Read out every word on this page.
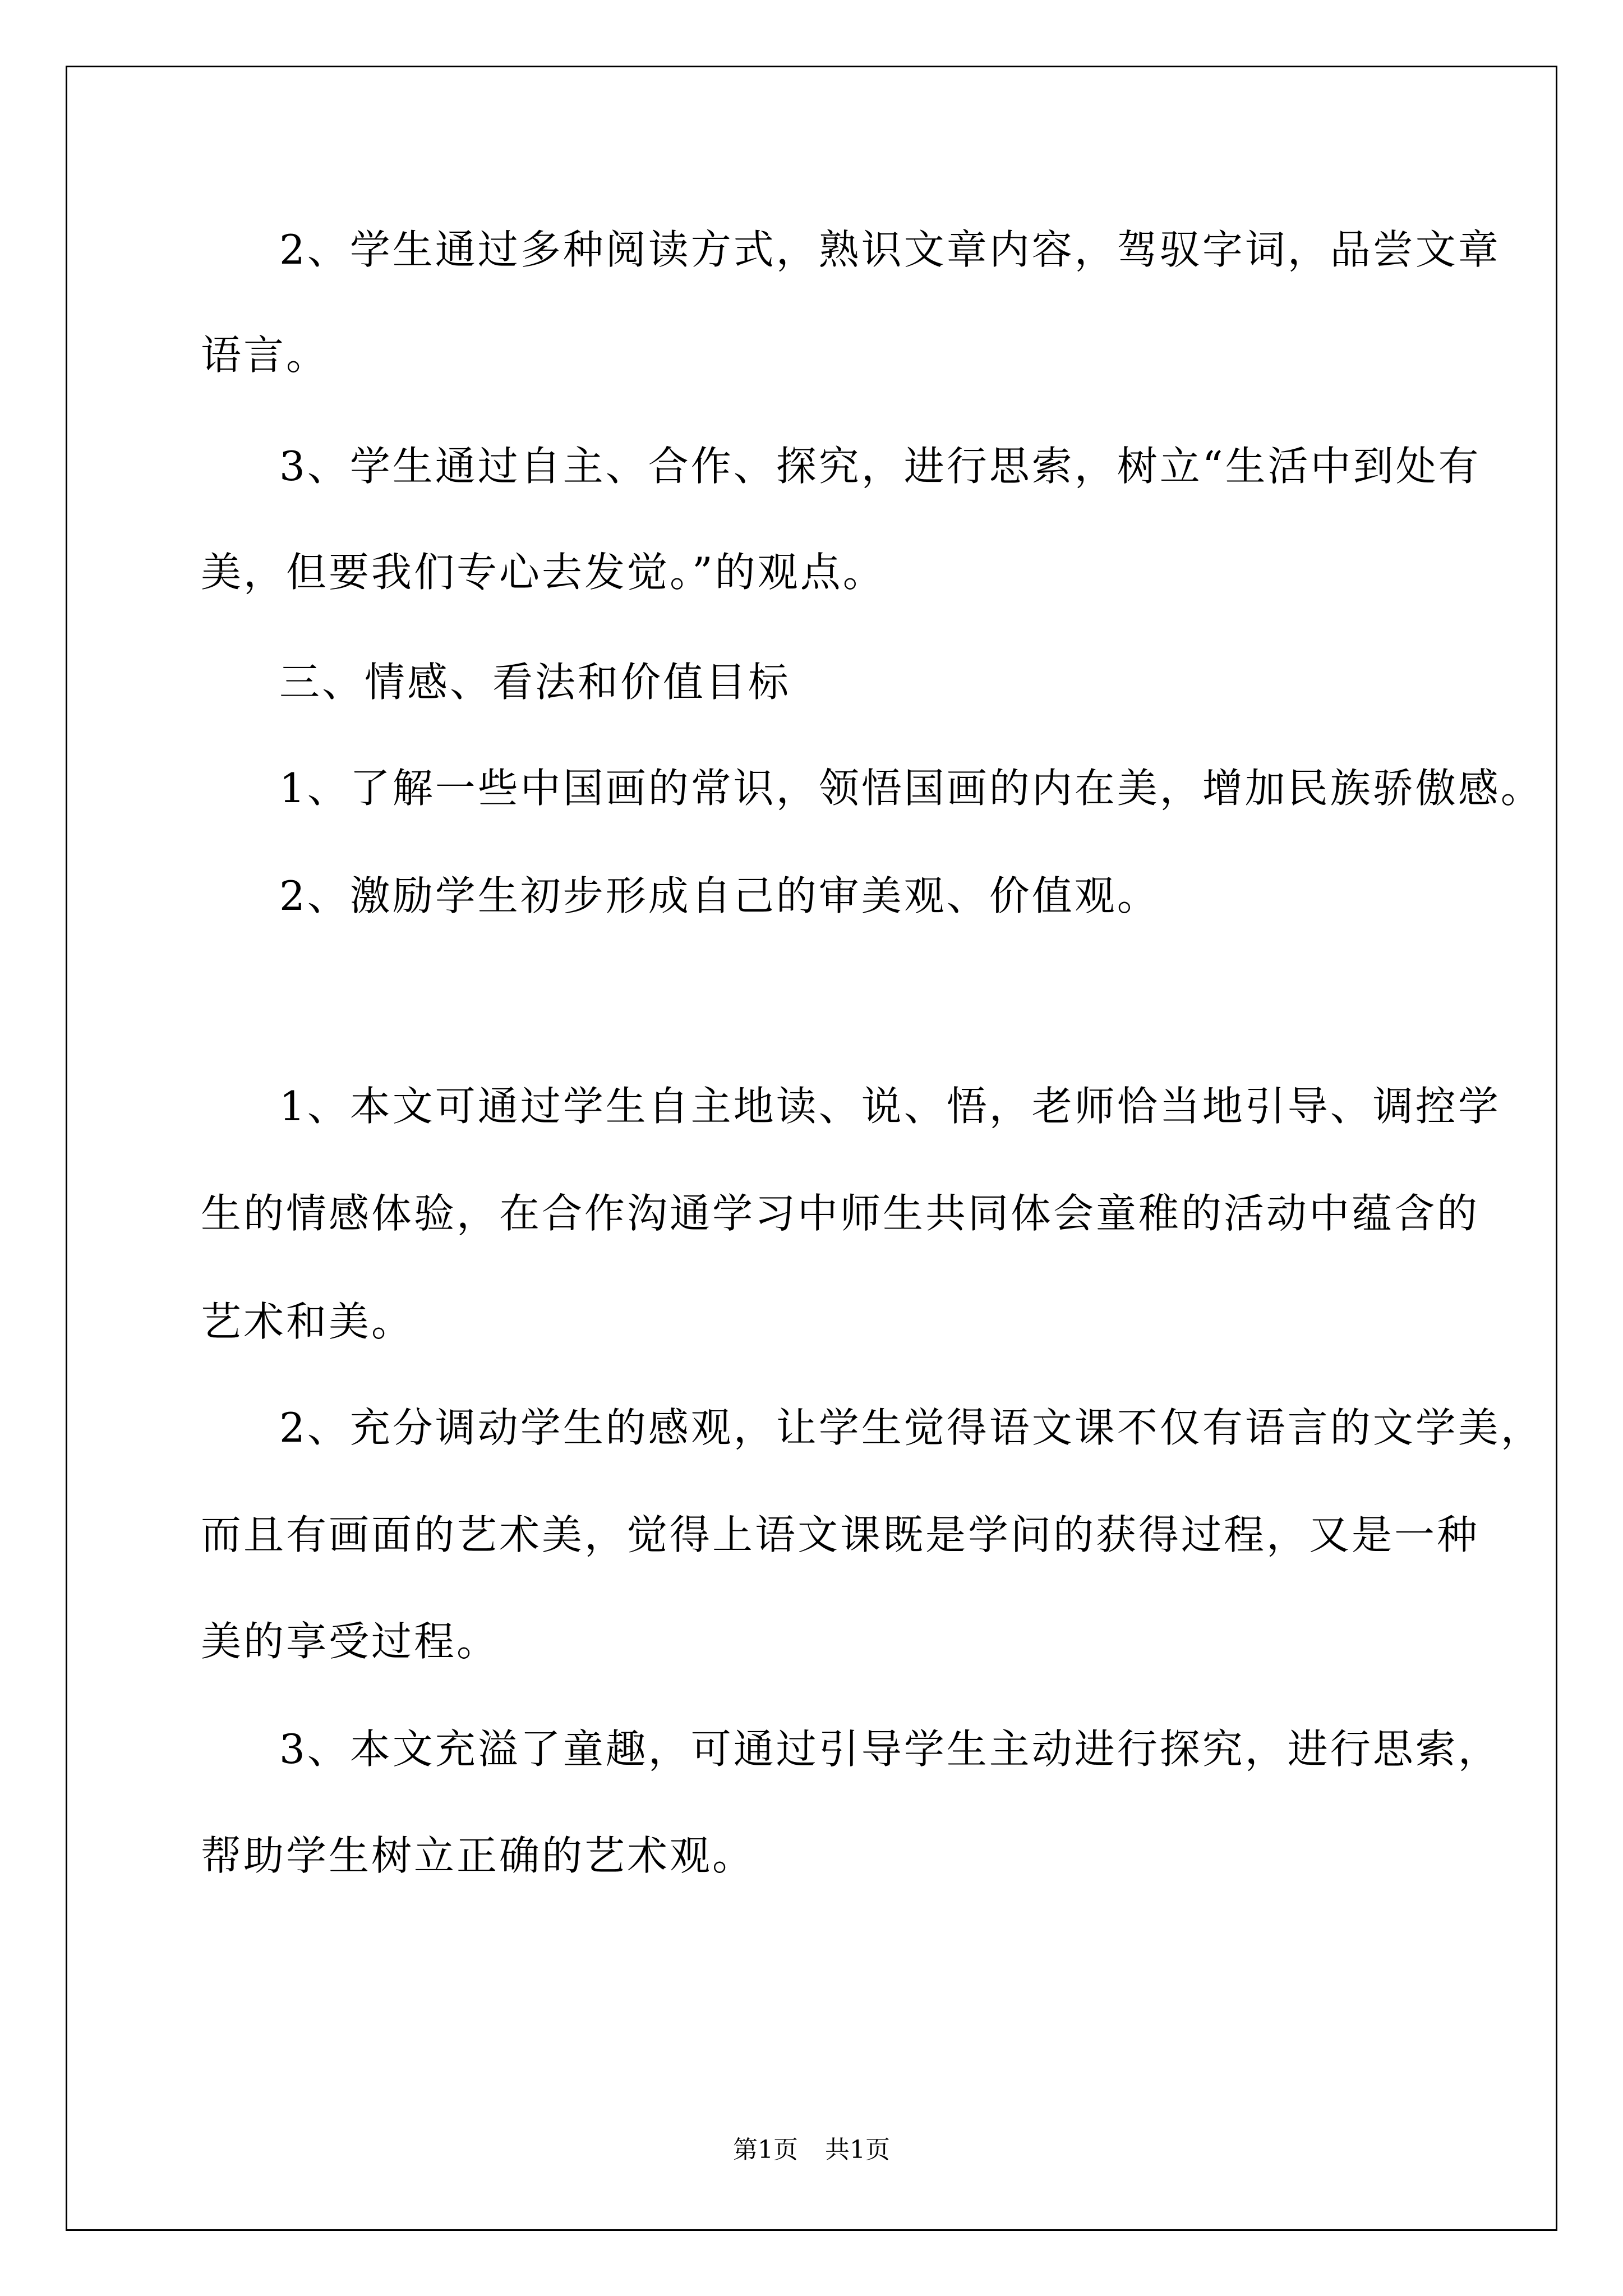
2、学生通过多种阅读方式，熟识文章内容，驾驭字词，品尝文章
语言。
3、学生通过自主、合作、探究，进行思索，树立“生活中到处有
美，但要我们专心去发觉。”的观点。
三、情感、看法和价值目标
1、了解一些中国画的常识，领悟国画的内在美，增加民族骄傲感。
2、激励学生初步形成自己的审美观、价值观。
1、本文可通过学生自主地读、说、悟，老师恰当地引导、调控学
生的情感体验，在合作沟通学习中师生共同体会童稚的活动中蕴含的
艺术和美。
2、充分调动学生的感观，让学生觉得语文课不仅有语言的文学美，
而且有画面的艺术美，觉得上语文课既是学问的获得过程，又是一种
美的享受过程。
3、本文充溢了童趣，可通过引导学生主动进行探究，进行思索，
帮助学生树立正确的艺术观。
第1页 共1页
